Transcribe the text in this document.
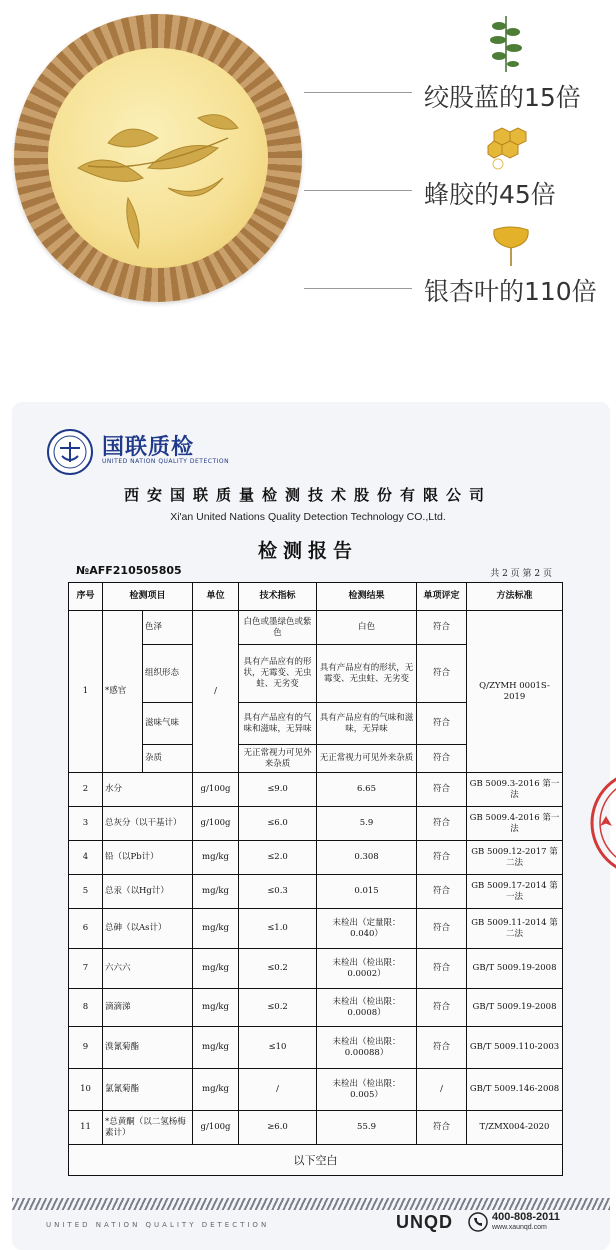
绞股蓝的15倍
蜂胶的45倍
银杏叶的110倍
国联质检
UNITED NATION QUALITY DETECTION
西安国联质量检测技术股份有限公司
Xi'an United Nations Quality Detection Technology CO.,Ltd.
检测报告
№AFF210505805	共 2 页 第 2 页
序号	检测项目		单位	技术指标	检测结果	单项评定	方法标准
1	*感官	色泽	/	白色或墨绿色或紫色	白色	符合	Q/ZYMH 0001S-2019
		组织形态		具有产品应有的形状，无霉变、无虫蛀、无劣变	具有产品应有的形状，无霉变、无虫蛀、无劣变	符合	
		滋味气味		具有产品应有的气味和滋味，无异味	具有产品应有的气味和滋味，无异味	符合	
		杂质		无正常视力可见外来杂质	无正常视力可见外来杂质	符合	
2	水分		g/100g	≤9.0	6.65	符合	GB 5009.3-2016 第一法
3	总灰分（以干基计）		g/100g	≤6.0	5.9	符合	GB 5009.4-2016 第一法
4	铅（以Pb计）		mg/kg	≤2.0	0.308	符合	GB 5009.12-2017 第二法
5	总汞（以Hg计）		mg/kg	≤0.3	0.015	符合	GB 5009.17-2014 第一法
6	总砷（以As计）		mg/kg	≤1.0	未检出（定量限：0.040）	符合	GB 5009.11-2014 第二法
7	六六六		mg/kg	≤0.2	未检出（检出限：0.0002）	符合	GB/T 5009.19-2008
8	滴滴涕		mg/kg	≤0.2	未检出（检出限：0.0008）	符合	GB/T 5009.19-2008
9	溴氰菊酯		mg/kg	≤10	未检出（检出限：0.00088）	符合	GB/T 5009.110-2003
10	氯氰菊酯		mg/kg	/	未检出（检出限：0.005）	/	GB/T 5009.146-2008
11	*总黄酮（以二氢杨梅素计）		g/100g	≥6.0	55.9	符合	T/ZMX004-2020
以下空白							
UNITED NATION QUALITY DETECTION	UNQD	400-808-2011
www.xaunqd.com
